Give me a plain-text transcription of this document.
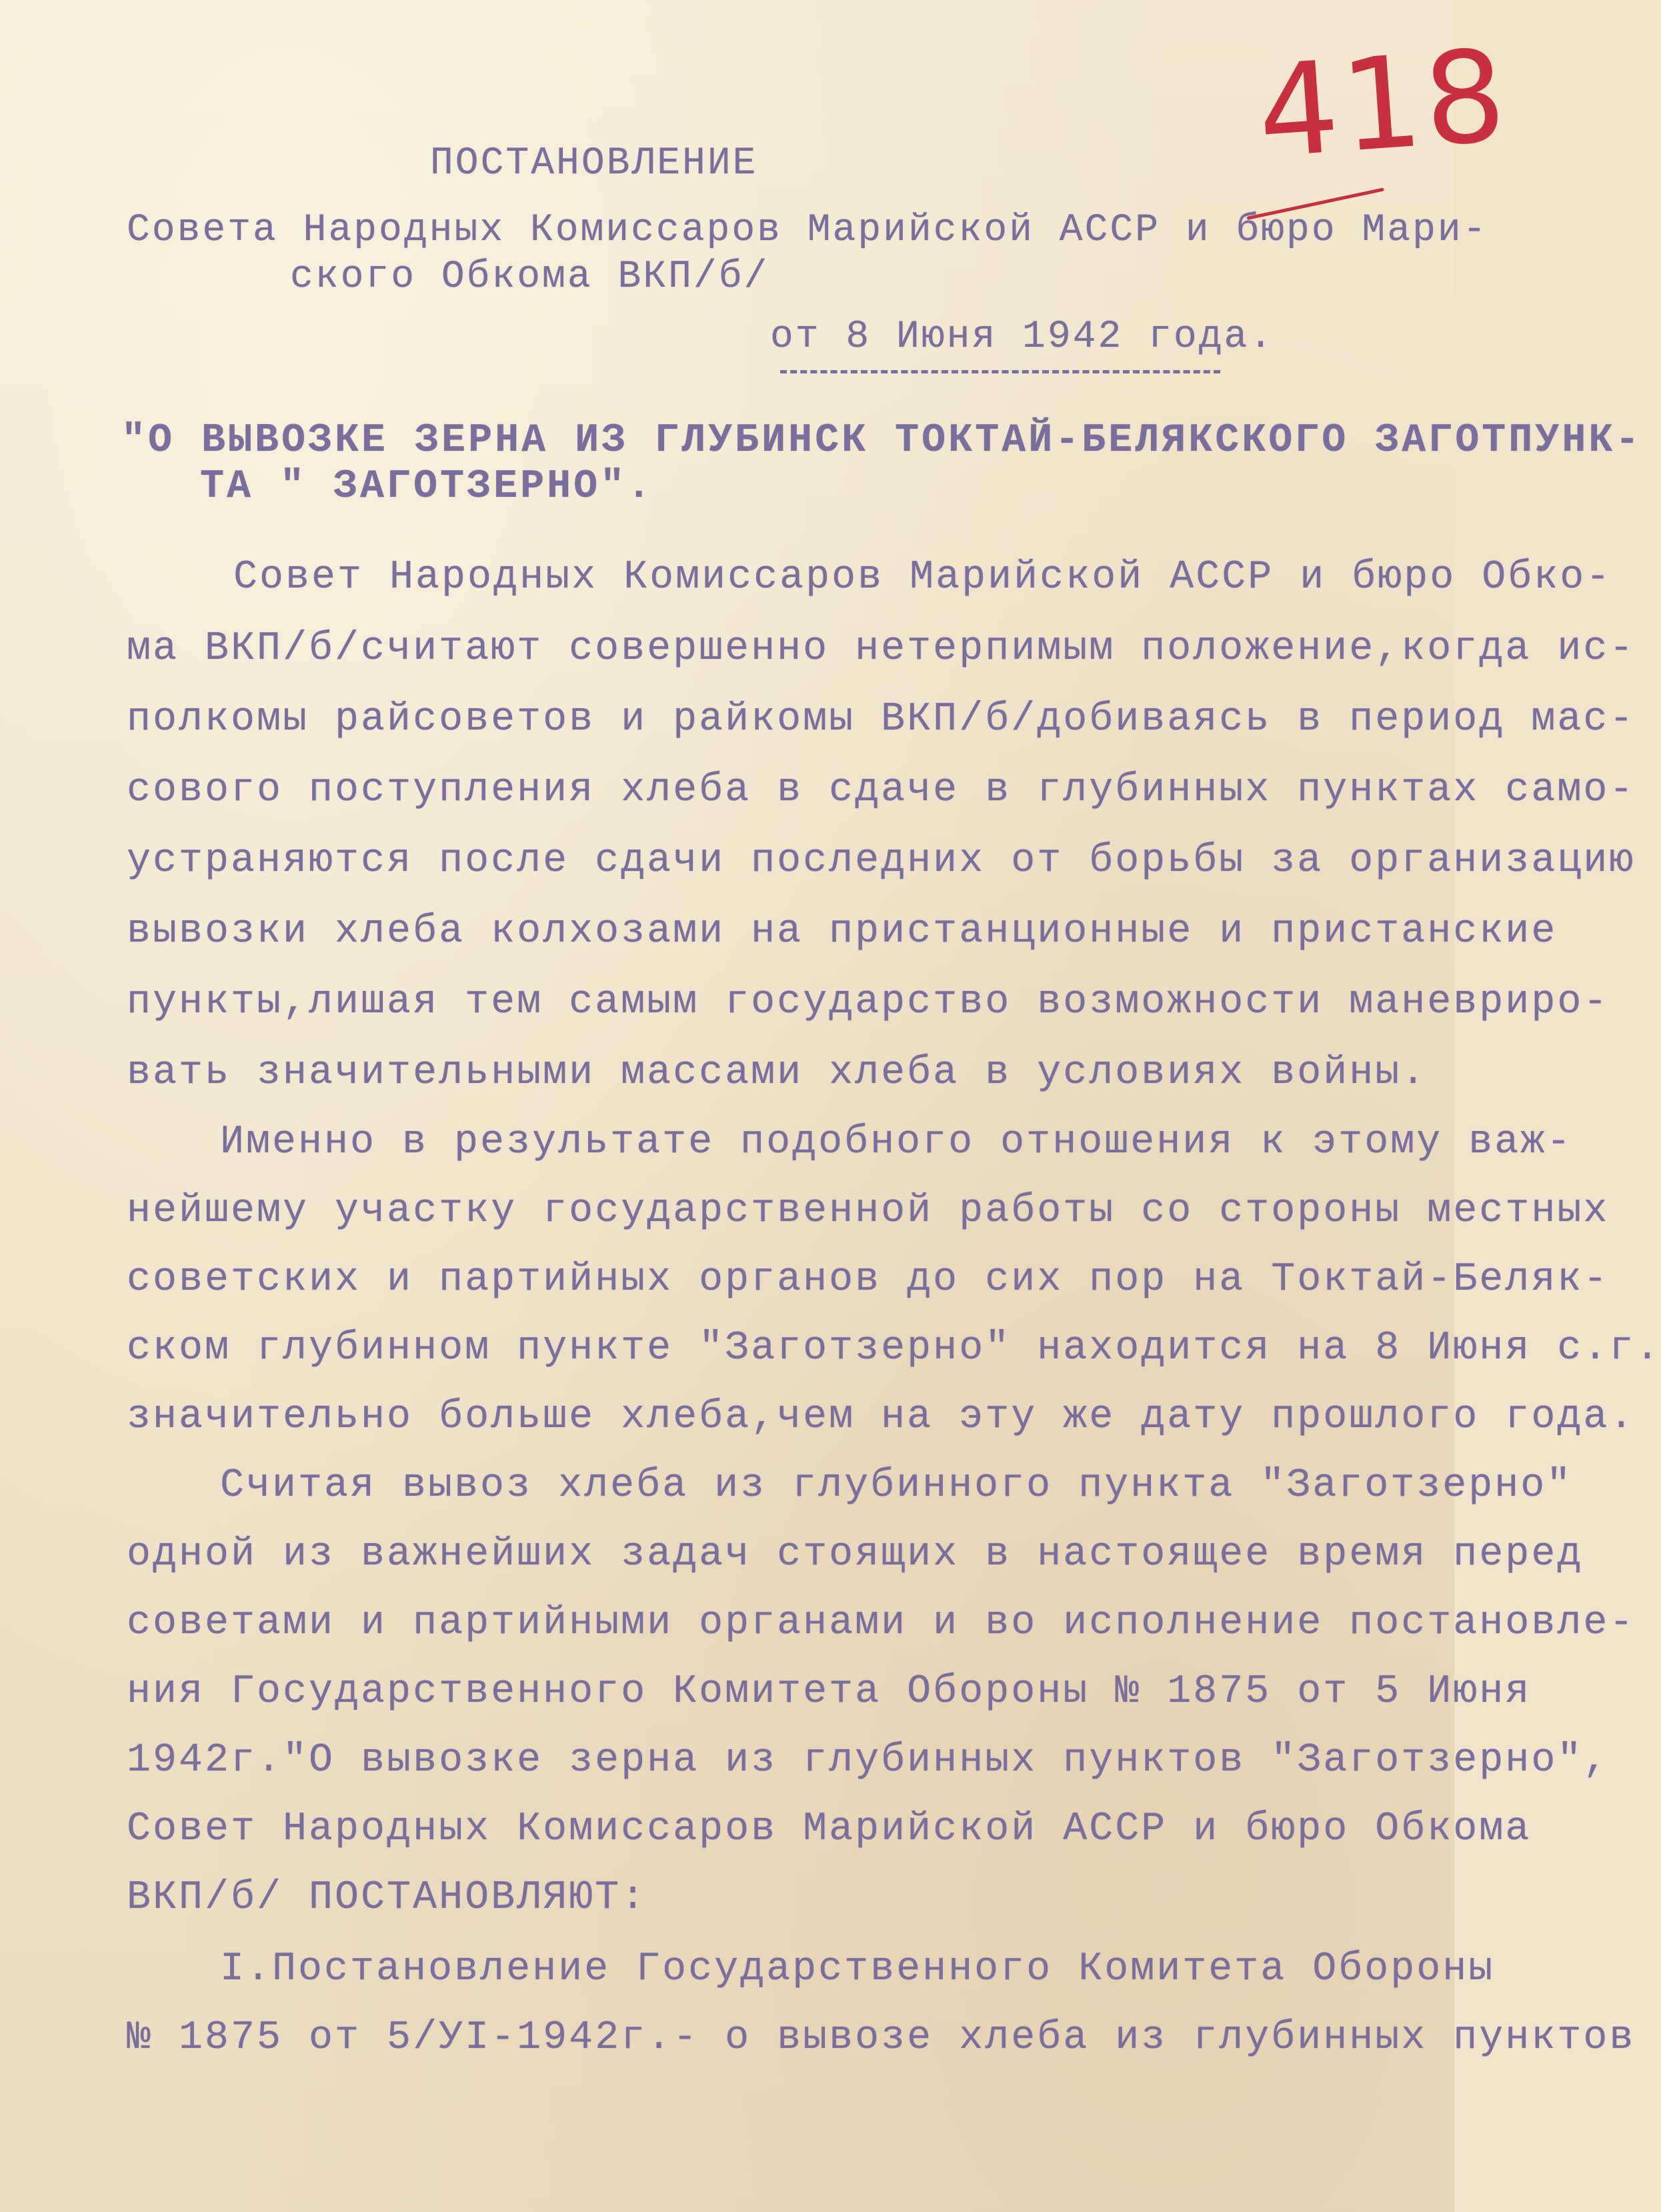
418
ПОСТАНОВЛЕНИЕ
Совета Народных Комиссаров Марийской АССР и бюро Мари-
ского Обкома ВКП/б/
от 8 Июня 1942 года.
"О ВЫВОЗКЕ ЗЕРНА ИЗ ГЛУБИНСК ТОКТАЙ-БЕЛЯКСКОГО ЗАГОТПУНК-
ТА " ЗАГОТЗЕРНО".
Совет Народных Комиссаров Марийской АССР и бюро Обко-
ма ВКП/б/считают совершенно нетерпимым положение,когда ис-
полкомы райсоветов и райкомы ВКП/б/добиваясь в период мас-
сового поступления хлеба в сдаче в глубинных пунктах само-
устраняются после сдачи последних от борьбы за организацию
вывозки хлеба колхозами на пристанционные и пристанские
пункты,лишая тем самым государство возможности маневриро-
вать значительными массами хлеба в условиях войны.
Именно в результате подобного отношения к этому важ-
нейшему участку государственной работы со стороны местных
советских и партийных органов до сих пор на Токтай-Беляк-
ском глубинном пункте "Заготзерно" находится на 8 Июня с.г.
значительно больше хлеба,чем на эту же дату прошлого года.
Считая вывоз хлеба из глубинного пункта "Заготзерно"
одной из важнейших задач стоящих в настоящее время перед
советами и партийными органами и во исполнение постановле-
ния Государственного Комитета Обороны № 1875 от 5 Июня
1942г."О вывозке зерна из глубинных пунктов "Заготзерно",
Совет Народных Комиссаров Марийской АССР и бюро Обкома
ВКП/б/ ПОСТАНОВЛЯЮТ:
I.Постановление Государственного Комитета Обороны
№ 1875 от 5/УI-1942г.- о вывозе хлеба из глубинных пунктов
